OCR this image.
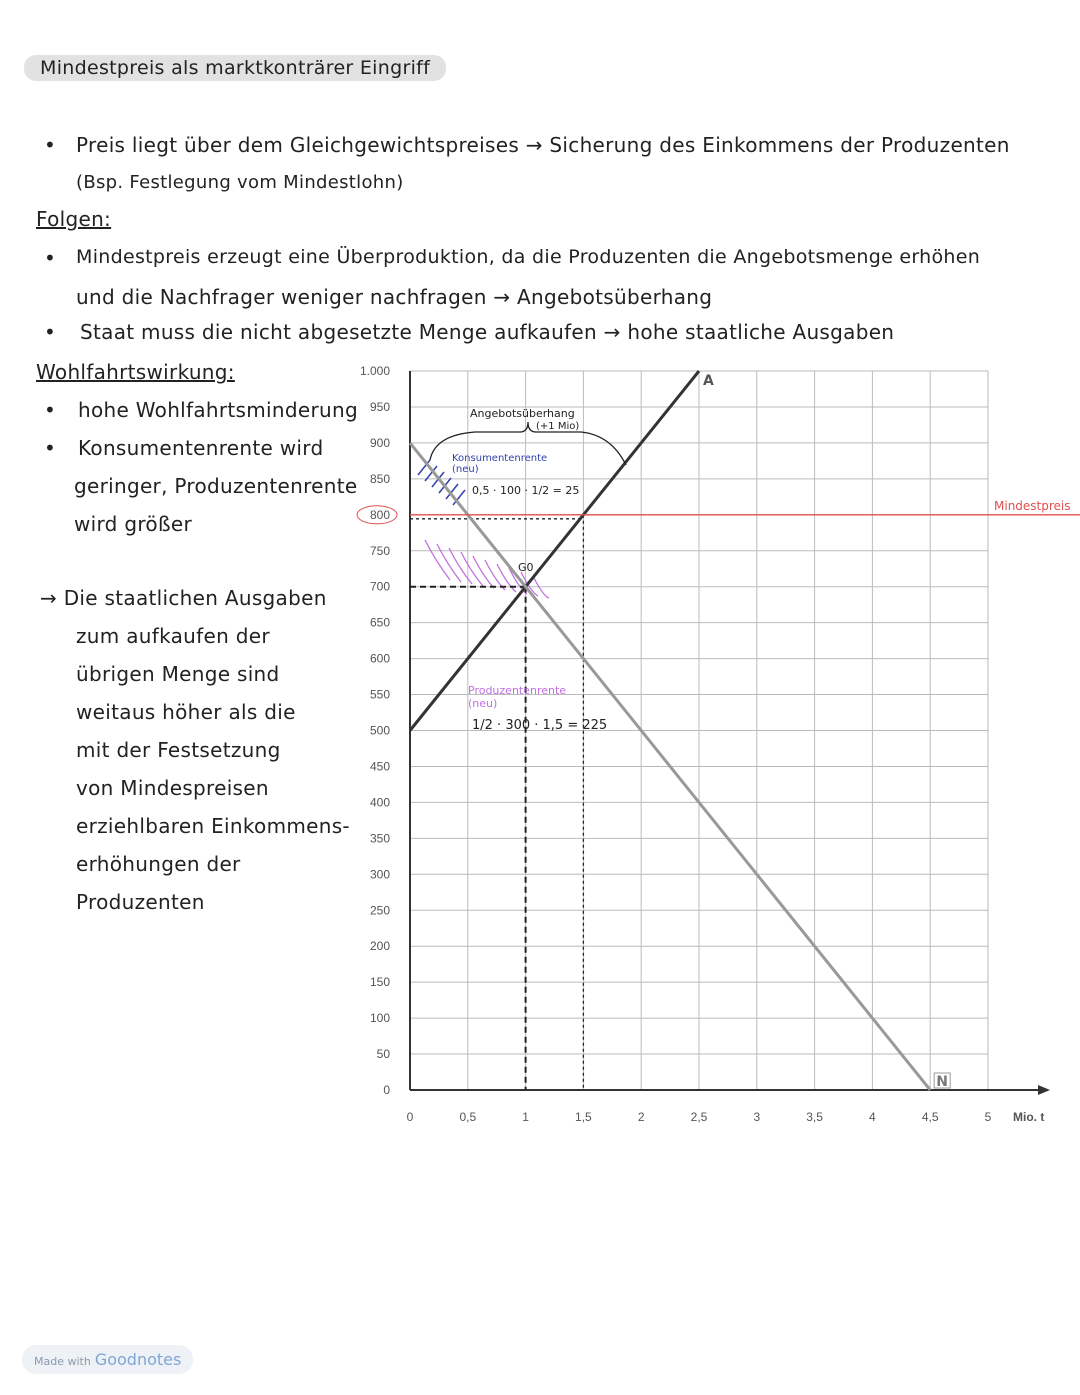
Mindestpreis als marktkonträrer Eingriff
• Preis liegt über dem Gleichgewichtspreises → Sicherung des Einkommens der Produzenten
(Bsp. Festlegung vom Mindestlohn)
Folgen:
• Mindestpreis erzeugt eine Überproduktion, da die Produzenten die Angebotsmenge erhöhen
und die Nachfrager weniger nachfragen → Angebotsüberhang
• Staat muss die nicht abgesetzte Menge aufkaufen → hohe staatliche Ausgaben
Wohlfahrtswirkung:
• hohe Wohlfahrtsminderung
• Konsumentenrente wird
geringer, Produzentenrente
wird größer
→ Die staatlichen Ausgaben
zum aufkaufen der
übrigen Menge sind
weitaus höher als die
mit der Festsetzung
von Mindespreisen
erziehlbaren Einkommens-
erhöhungen der
Produzenten
0	0,5	1	1,5	2	2,5	3	3,5	4	4,5	5 Mio. t
0
50
100
150
200
250
300
350
400
450
500
550
600
650
700
750
800
850
900
950
1.000
A
N
Mindestpreis
G0
Angebotsüberhang
(+1 Mio)
Konsumentenrente
(neu)
0,5 · 100 · 1/2 = 25
Produzentenrente
(neu)
1/2 · 300 · 1,5 = 225
Made with Goodnotes
